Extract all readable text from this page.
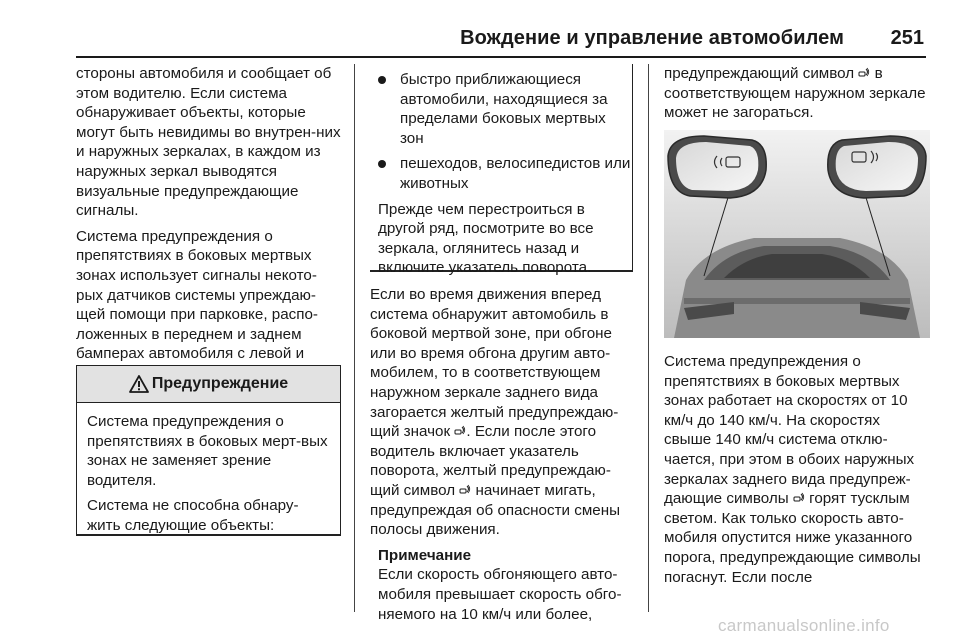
Вождение и управление автомобилем 251

стороны автомобиля и сообщает об этом водителю. Если система обнаруживает объекты, которые могут быть невидимы во внутрен-них и наружных зеркалах, в каждом из наружных зеркал выводятся визуальные предупреждающие сигналы.

Система предупреждения о препятствиях в боковых мертвых зонах использует сигналы некото-рых датчиков системы упреждаю-щей помощи при парковке, распо-ложенных в переднем и заднем бамперах автомобиля с левой и

Предупреждение

Система предупреждения о препятствиях в боковых мерт-вых зонах не заменяет зрение водителя.

Система не способна обнару-жить следующие объекты:

быстро приближающиеся автомобили, находящиеся за пределами боковых мертвых зон
пешеходов, велосипедистов или животных
Прежде чем перестроиться в другой ряд, посмотрите во все зеркала, оглянитесь назад и включите указатель поворота.

Если во время движения вперед система обнаружит автомобиль в боковой мертвой зоне, при обгоне или во время обгона другим авто-мобилем, то в соответствующем наружном зеркале заднего вида загорается желтый предупреждаю-щий значок . Если после этого водитель включает указатель поворота, желтый предупреждаю-щий символ начинает мигать, предупреждая об опасности смены полосы движения.

Примечание
Если скорость обгоняющего авто-мобиля превышает скорость обго-няемого на 10 км/ч или более,
предупреждающий символ в соответствующем наружном зеркале может не загораться.
Система предупреждения о препятствиях в боковых мертвых зонах работает на скоростях от 10 км/ч до 140 км/ч. На скоростях свыше 140 км/ч система отклю-чается, при этом в обоих наружных зеркалах заднего вида предупреж-дающие символы горят тусклым светом. Как только скорость авто-мобиля опустится ниже указанного порога, предупреждающие символы погаснут. Если после
carmanualsonline.info
